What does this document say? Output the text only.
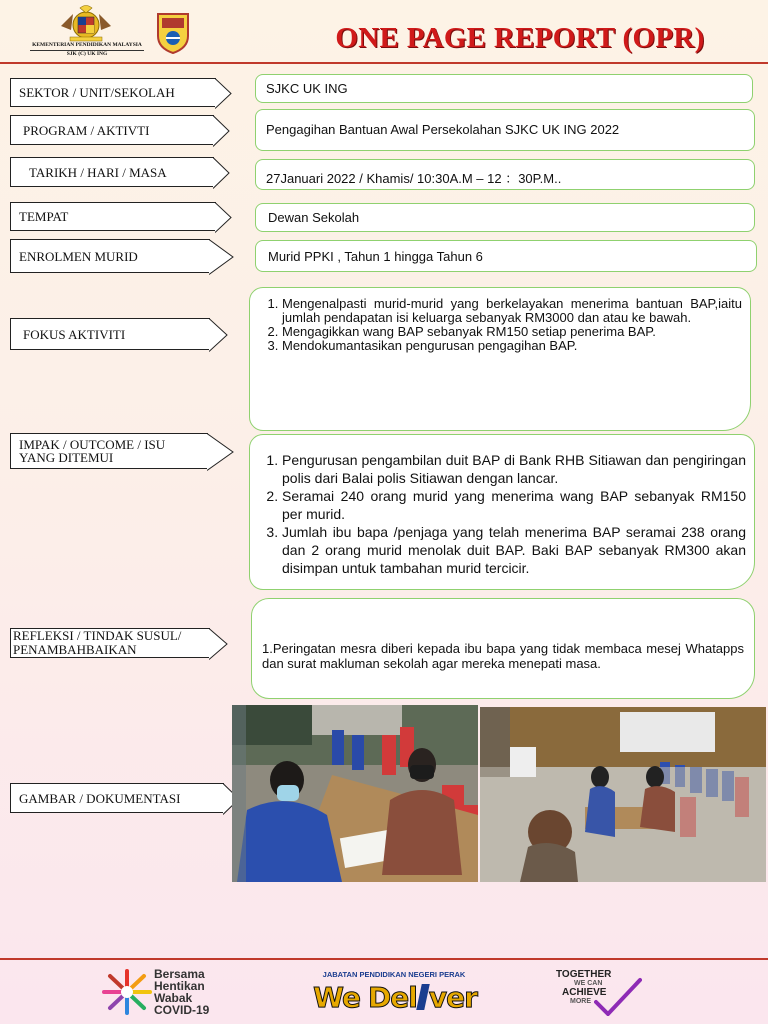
KEMENTERIAN PENDIDIKAN MALAYSIA
SJK (C) UK ING	ONE PAGE REPORT (OPR)
SEKTOR / UNIT/SEKOLAH	SJKC UK ING
PROGRAM / AKTIVTI	Pengagihan Bantuan Awal Persekolahan SJKC UK ING 2022
TARIKH / HARI / MASA	27Januari 2022 / Khamis/ 10:30A.M – 12 ：30P.M..
TEMPAT	Dewan Sekolah
ENROLMEN MURID	Murid PPKI , Tahun 1 hingga Tahun 6
FOKUS AKTIVITI
1. Mengenalpasti murid-murid yang berkelayakan menerima bantuan BAP,iaitu jumlah pendapatan isi keluarga sebanyak RM3000 dan atau ke bawah.
2. Mengagikkan wang BAP sebanyak RM150 setiap penerima BAP.
3. Mendokumantasikan pengurusan pengagihan BAP.
IMPAK / OUTCOME / ISU
YANG DITEMUI
1.	Pengurusan pengambilan duit BAP di Bank RHB Sitiawan dan pengiringan polis dari Balai polis Sitiawan dengan lancar.
2. Seramai 240 orang murid yang menerima wang BAP sebanyak RM150 per murid.
3. Jumlah ibu bapa /penjaga yang telah menerima BAP seramai 238 orang dan 2 orang murid menolak duit BAP. Baki BAP sebanyak RM300 akan disimpan untuk tambahan murid tercicir.
REFLEKSI / TINDAK SUSUL/
PENAMBAHBAIKAN	1.Peringatan mesra diberi kepada ibu bapa yang tidak membaca mesej Whatapps dan surat makluman sekolah agar mereka menepati masa.

GAMBAR / DOKUMENTASI
Bersama
Hentikan
Wabak
COVID-19
JABATAN PENDIDIKAN NEGERI PERAK
We Del ver
TOGETHER
WE CAN
ACHIEVE
MORE
